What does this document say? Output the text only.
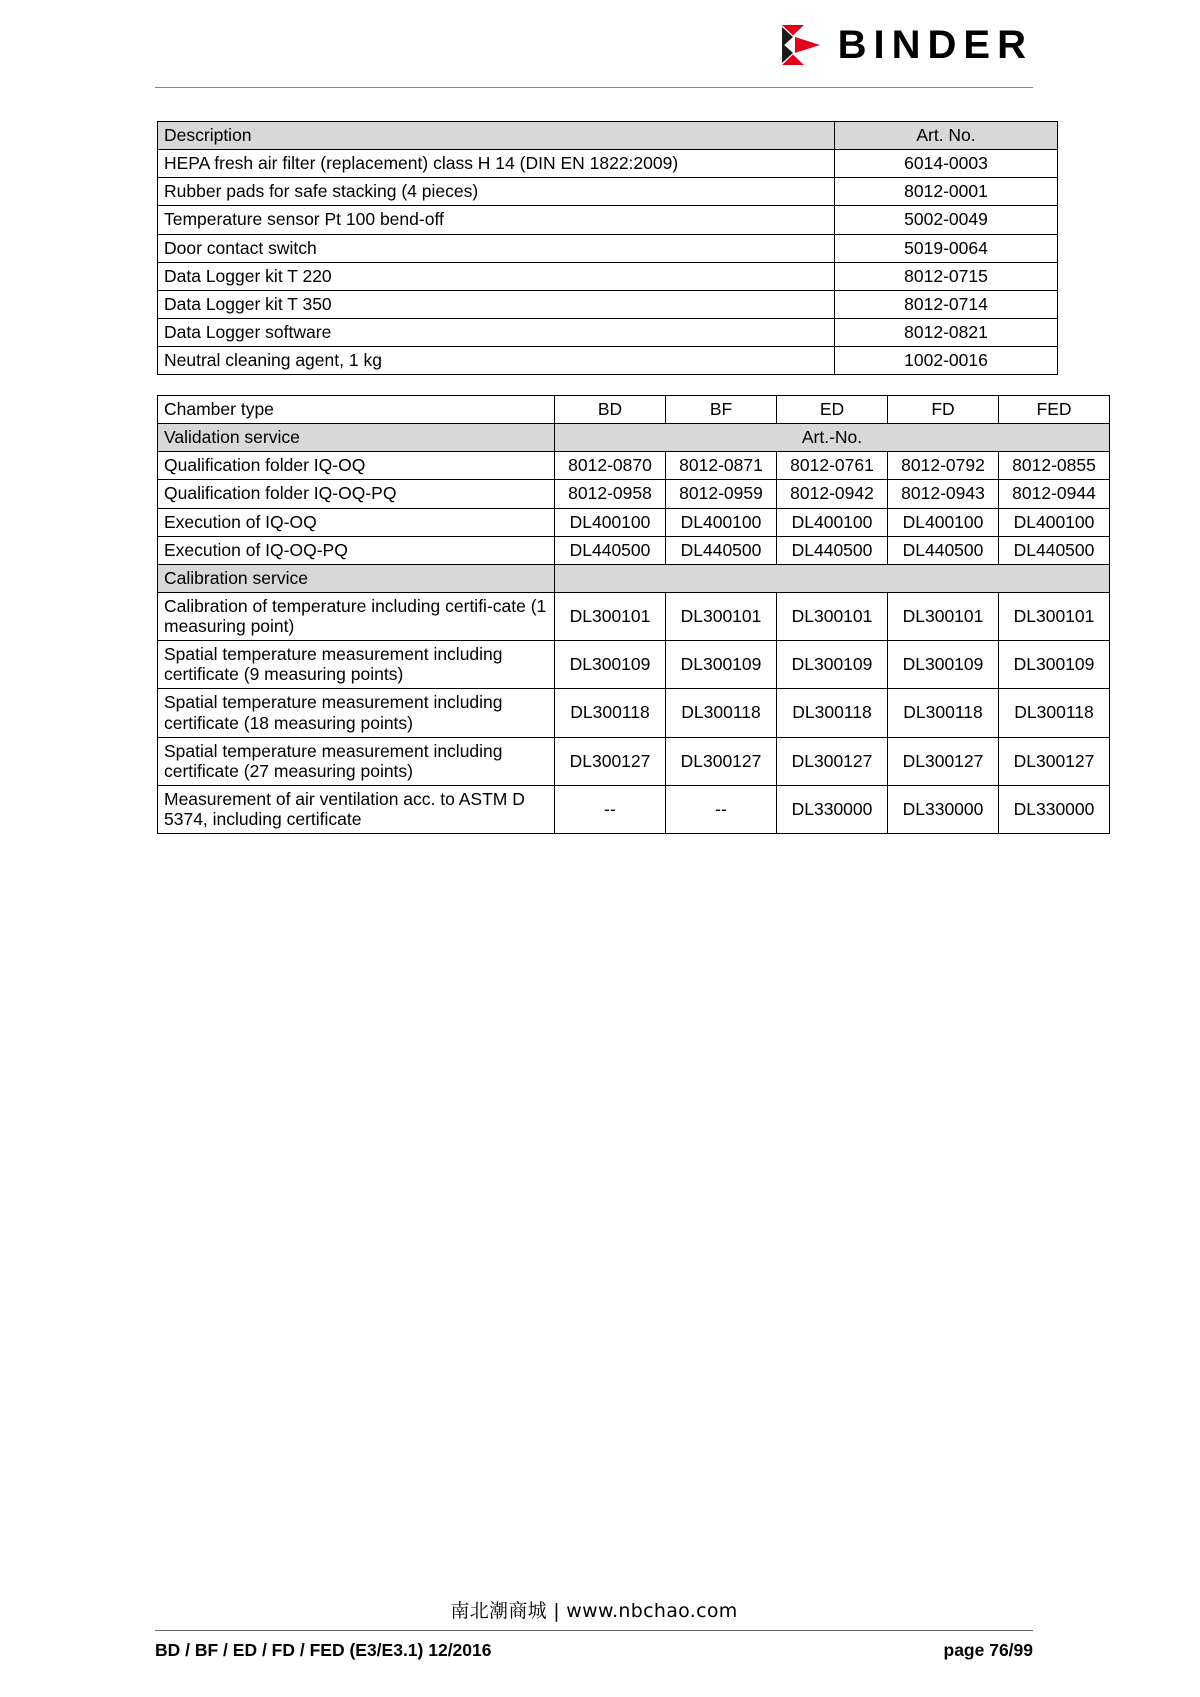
BINDER
Description	Art. No.
HEPA fresh air filter (replacement) class H 14 (DIN EN 1822:2009)	6014-0003
Rubber pads for safe stacking (4 pieces)	8012-0001
Temperature sensor Pt 100 bend-off	5002-0049
Door contact switch	5019-0064
Data Logger kit T 220	8012-0715
Data Logger kit T 350	8012-0714
Data Logger software	8012-0821
Neutral cleaning agent, 1 kg	1002-0016
Chamber type	BD	BF	ED	FD	FED
Validation service	Art.-No.				
Qualification folder IQ-OQ	8012-0870	8012-0871	8012-0761	8012-0792	8012-0855
Qualification folder IQ-OQ-PQ	8012-0958	8012-0959	8012-0942	8012-0943	8012-0944
Execution of IQ-OQ	DL400100	DL400100	DL400100	DL400100	DL400100
Execution of IQ-OQ-PQ	DL440500	DL440500	DL440500	DL440500	DL440500
Calibration service					
Calibration of temperature including certifi-cate (1 measuring point)	DL300101	DL300101	DL300101	DL300101	DL300101
Spatial temperature measurement including certificate (9 measuring points)	DL300109	DL300109	DL300109	DL300109	DL300109
Spatial temperature measurement including certificate (18 measuring points)	DL300118	DL300118	DL300118	DL300118	DL300118
Spatial temperature measurement including certificate (27 measuring points)	DL300127	DL300127	DL300127	DL300127	DL300127
Measurement of air ventilation acc. to ASTM D 5374, including certificate	--	--	DL330000	DL330000	DL330000
南北潮商城 | www.nbchao.com
BD / BF / ED / FD / FED (E3/E3.1) 12/2016	page 76/99
